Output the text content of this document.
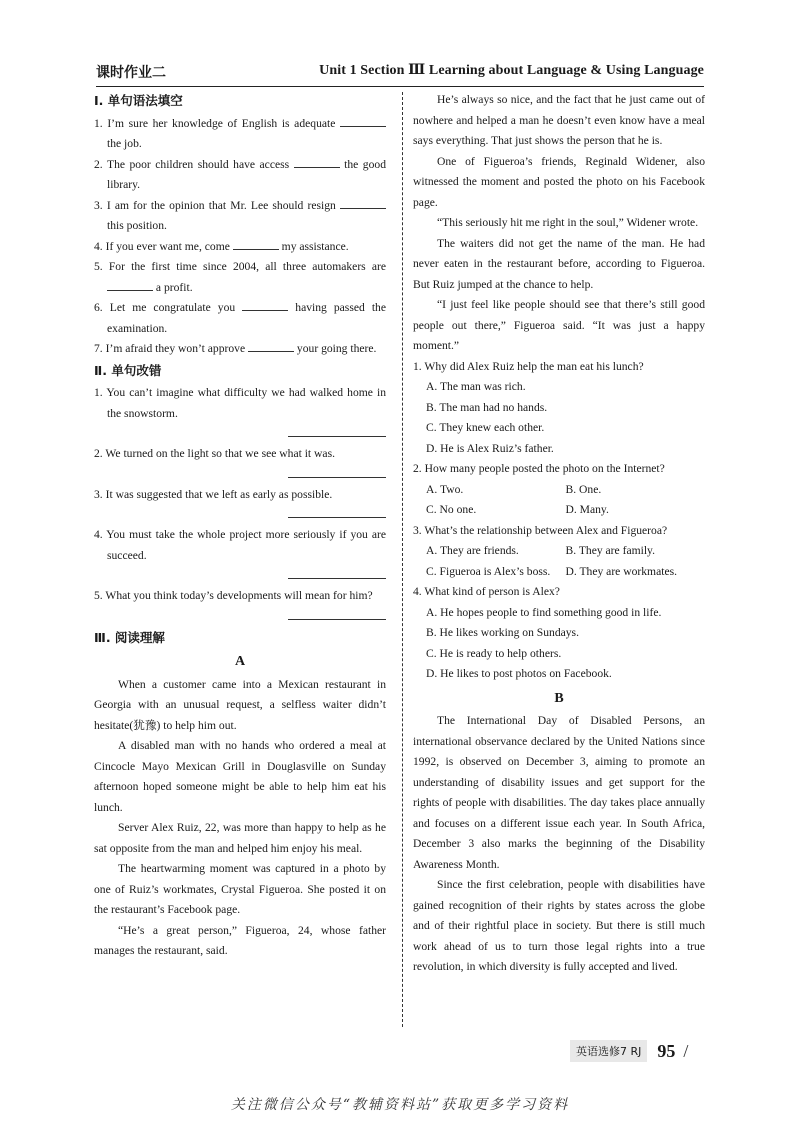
课时作业二	Unit 1 Section Ⅲ Learning about Language & Using Language
Ⅰ. 单句语法填空
1. I’m sure her knowledge of English is adequate  the job.
2. The poor children should have access	the good library.
3. I am for the opinion that Mr. Lee should resign  this position.
4. If you ever want me, come	my assistance.
5. For the first time since 2004, all three automakers are  a profit.
6. Let me congratulate you	having passed the examination.
7. I’m afraid they won’t approve	your going there.
Ⅱ. 单句改错
1. You can’t imagine what difficulty we had walked home in the snowstorm.
2. We turned on the light so that we see what it was.
3. It was suggested that we left as early as possible.
4. You must take the whole project more seriously if you are succeed.
5. What you think today’s developments will mean for him?
Ⅲ. 阅读理解
A

When a customer came into a Mexican restaurant in Georgia with an unusual request, a selfless waiter didn’t hesitate(犹豫) to help him out.

A disabled man with no hands who ordered a meal at Cincocle Mayo Mexican Grill in Douglasville on Sunday afternoon hoped someone might be able to help him eat his lunch.

Server Alex Ruiz, 22, was more than happy to help as he sat opposite from the man and helped him enjoy his meal.

The heartwarming moment was captured in a photo by one of Ruiz’s workmates, Crystal Figueroa. She posted it on the restaurant’s Facebook page.

“He’s a great person,” Figueroa, 24, whose father manages the restaurant, said.

He’s always so nice, and the fact that he just came out of nowhere and helped a man he doesn’t even know have a meal says everything. That just shows the person that he is.

One of Figueroa’s friends, Reginald Widener, also witnessed the moment and posted the photo on his Facebook page.

“This seriously hit me right in the soul,” Widener wrote.

The waiters did not get the name of the man. He had never eaten in the restaurant before, according to Figueroa. But Ruiz jumped at the chance to help.

“I just feel like people should see that there’s still good people out there,” Figueroa said. “It was just a happy moment.”

1. Why did Alex Ruiz help the man eat his lunch?
A. The man was rich.
B. The man had no hands.
C. They knew each other.
D. He is Alex Ruiz’s father.
2. How many people posted the photo on the Internet?
A. Two.	B. One.
C. No one.	D. Many.
3. What’s the relationship between Alex and Figueroa?
A. They are friends.	B. They are family.
C. Figueroa is Alex’s boss.	D. They are workmates.
4. What kind of person is Alex?
A. He hopes people to find something good in life.
B. He likes working on Sundays.
C. He is ready to help others.
D. He likes to post photos on Facebook.
B

The International Day of Disabled Persons, an international observance declared by the United Nations since 1992, is observed on December 3, aiming to promote an understanding of disability issues and get support for the rights of people with disabilities. The day takes place annually and focuses on a different issue each year. In South Africa, December 3 also marks the beginning of the Disability Awareness Month.

Since the first celebration, people with disabilities have gained recognition of their rights by states across the globe and of their rightful place in society. But there is still much work ahead of us to turn those legal rights into a true revolution, in which diversity is fully accepted and lived.

英语选修7 RJ 95 /
关注微信公众号“教辅资料站”获取更多学习资料
